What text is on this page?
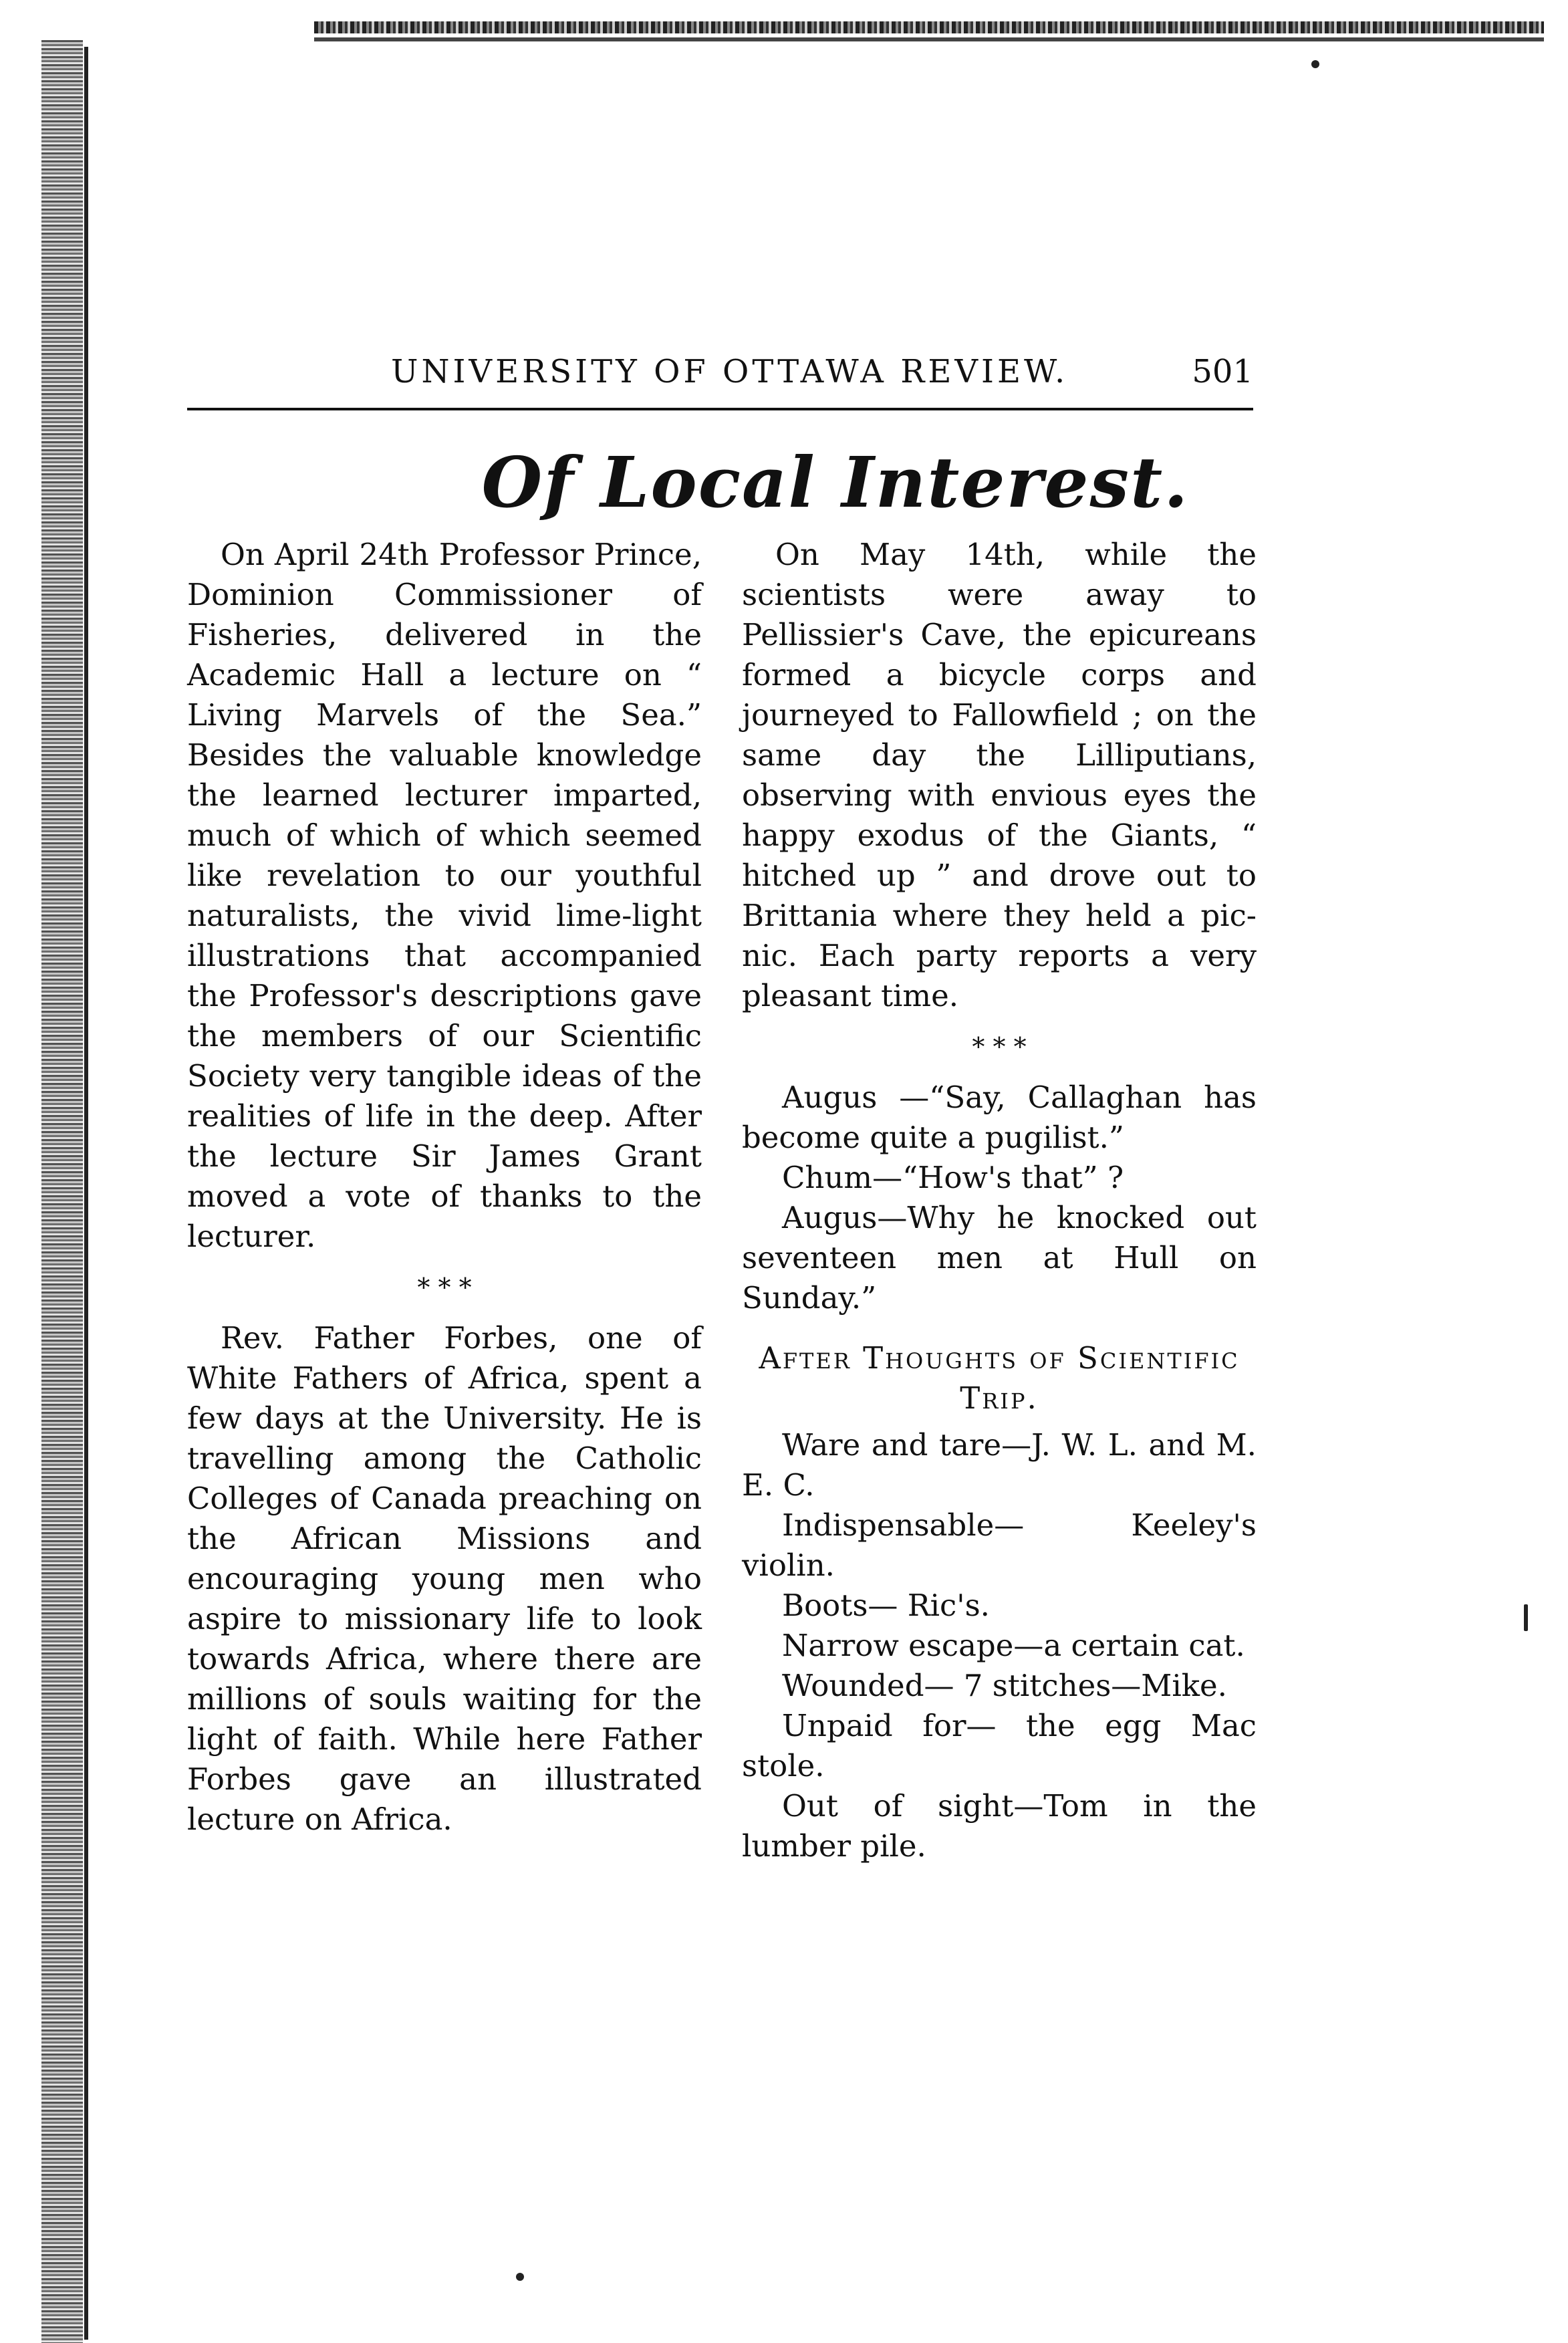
UNIVERSITY OF OTTAWA REVIEW.	501
Of Local Interest.

On April 24th Professor Prince, Dominion Commissioner of Fisheries, delivered in the Academic Hall a lecture on “ Living Marvels of the Sea.” Besides the valuable knowledge the learned lecturer imparted, much of which of which seemed like revelation to our youthful naturalists, the vivid lime-light illustrations that accompanied the Professor's descriptions gave the members of our Scientific Society very tangible ideas of the realities of life in the deep. After the lecture Sir James Grant moved a vote of thanks to the lecturer.

* * *

Rev. Father Forbes, one of White Fathers of Africa, spent a few days at the University. He is travelling among the Catholic Colleges of Canada preaching on the African Missions and encouraging young men who aspire to missionary life to look towards Africa, where there are millions of souls waiting for the light of faith. While here Father Forbes gave an illustrated lecture on Africa.

On May 14th, while the scientists were away to Pellissier's Cave, the epicureans formed a bicycle corps and journeyed to Fallowfield ; on the same day the Lilliputians, observing with envious eyes the happy exodus of the Giants, “ hitched up ” and drove out to Brittania where they held a pic-nic. Each party reports a very pleasant time.

* * *

Augus —“Say, Callaghan has become quite a pugilist.”

Chum—“How's that” ?

Augus—Why he knocked out seventeen men at Hull on Sunday.”

After Thoughts of Scientific Trip.

Ware and tare—J. W. L. and M. E. C.

Indispensable— Keeley's violin.

Boots— Ric's.

Narrow escape—a certain cat.

Wounded— 7 stitches—Mike.

Unpaid for— the egg Mac stole.

Out of sight—Tom in the lumber pile.
